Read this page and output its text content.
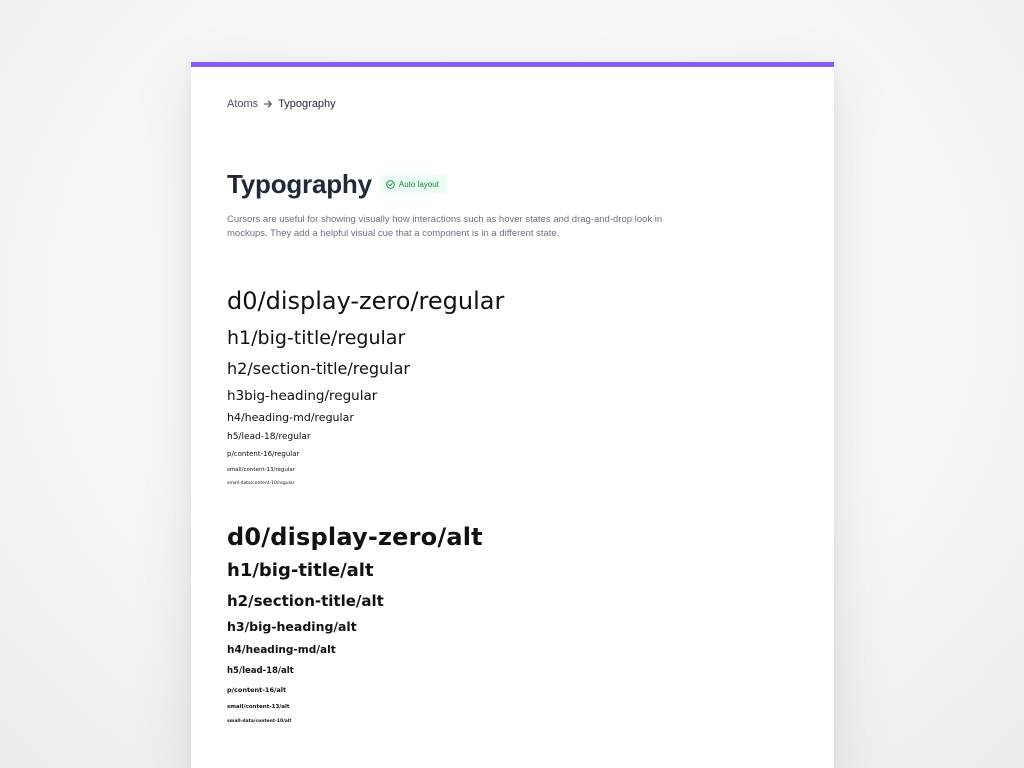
Atoms Typography
Typography	Auto layout

Cursors are useful for showing visually how interactions such as hover states and drag-and-drop look in mockups. They add a helpful visual cue that a component is in a different state.

d0/display-zero/regular
h1/big-title/regular
h2/section-title/regular
h3big-heading/regular
h4/heading-md/regular
h5/lead-18/regular
p/content-16/regular
small/content-13/regular
small-data/content-10/regular
d0/display-zero/alt
h1/big-title/alt
h2/section-title/alt
h3/big-heading/alt
h4/heading-md/alt
h5/lead-18/alt
p/content-16/alt
small/content-13/alt
small-data/content-10/alt
